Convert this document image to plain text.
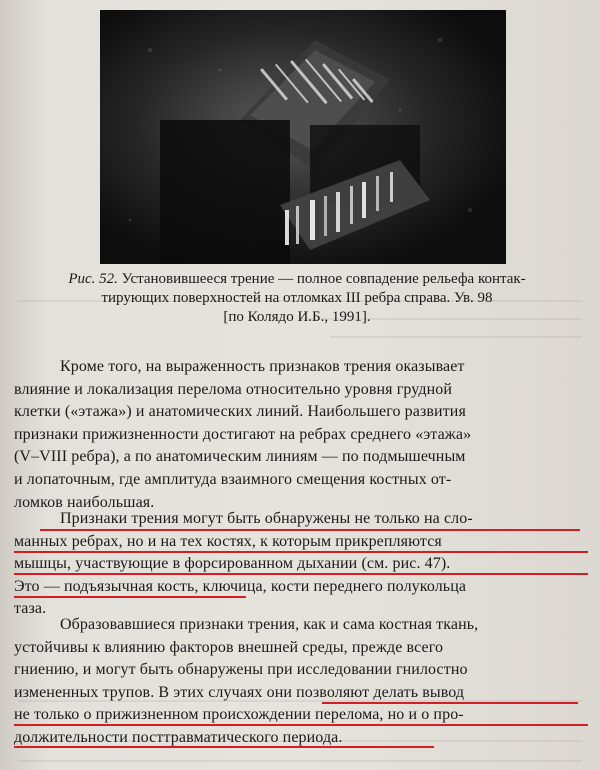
Рис. 52. Установившееся трение — полное совпадение рельефа контак-
тирующих поверхностей на отломках III ребра справа. Ув. 98
[по Колядо И.Б., 1991].
Кроме того, на выраженность признаков трения оказывает
влияние и локализация перелома относительно уровня грудной
клетки («этажа») и анатомических линий. Наибольшего развития
признаки прижизненности достигают на ребрах среднего «этажа»
(V–VIII ребра), а по анатомическим линиям — по подмышечным
и лопаточным, где амплитуда взаимного смещения костных от-
ломков наибольшая.
Признаки трения могут быть обнаружены не только на сло-
манных ребрах, но и на тех костях, к которым прикрепляются
мышцы, участвующие в форсированном дыхании (см. рис. 47).
Это — подъязычная кость, ключица, кости переднего полукольца
таза.
Образовавшиеся признаки трения, как и сама костная ткань,
устойчивы к влиянию факторов внешней среды, прежде всего
гниению, и могут быть обнаружены при исследовании гнилостно
измененных трупов. В этих случаях они позволяют делать вывод
не только о прижизненном происхождении перелома, но и о про-
должительности посттравматического периода.
